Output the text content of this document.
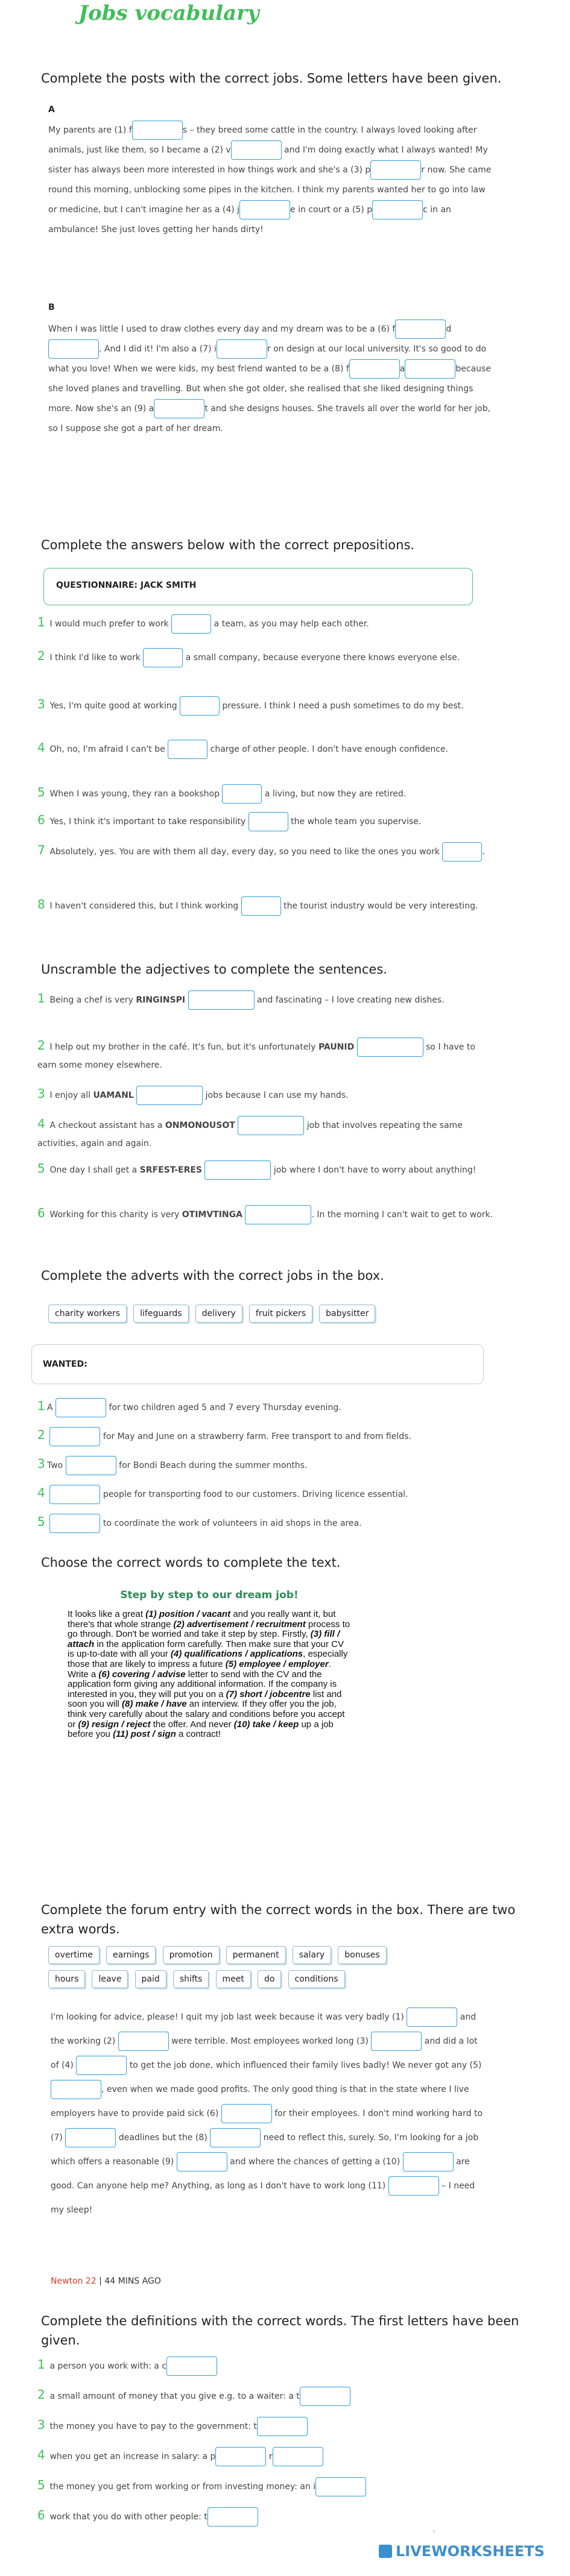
Jobs vocabulary
Complete the posts with the correct jobs. Some letters have been given.
A
My parents are (1) f	s – they breed some cattle in the country. I always loved looking after animals, just like them, so I became a (2) v	and I'm doing exactly what I always wanted! My sister has always been more interested in how things work and she's a (3) p	r now. She came round this morning, unblocking some pipes in the kitchen. I think my parents wanted her to go into law or medicine, but I can't imagine her as a (4) j	e in court or a (5) p	c in an ambulance! She just loves getting her hands dirty!
B
When I was little I used to draw clothes every day and my dream was to be a (6) f	d. And I did it! I'm also a (7) i	r on design at our local university. It's so good to do what you love! When we were kids, my best friend wanted to be a (8) f	a	because she loved planes and travelling. But when she got older, she realised that she liked designing things more. Now she's an (9) a	t and she designs houses. She travels all over the world for her job, so I suppose she got a part of her dream.
Complete the answers below with the correct prepositions.
QUESTIONNAIRE: JACK SMITH
1 I would much prefer to work	a team, as you may help each other.
2 I think I'd like to work	a small company, because everyone there knows everyone else.
3 Yes, I'm quite good at working	pressure. I think I need a push sometimes to do my best.
4 Oh, no, I'm afraid I can't be	charge of other people. I don't have enough confidence.
5 When I was young, they ran a bookshop	a living, but now they are retired.
6 Yes, I think it's important to take responsibility	the whole team you supervise.
7 Absolutely, yes. You are with them all day, every day, so you need to like the ones you work	.
8 I haven't considered this, but I think working	the tourist industry would be very interesting.
Unscramble the adjectives to complete the sentences.
1 Being a chef is very RINGINSPI	and fascinating – I love creating new dishes.
2 I help out my brother in the café. It's fun, but it's unfortunately PAUNID	so I have to earn some money elsewhere.
3 I enjoy all UAMANL	jobs because I can use my hands.
4 A checkout assistant has a ONMONOUSOT	job that involves repeating the same activities, again and again.
5 One day I shall get a SRFEST-ERES	job where I don't have to worry about anything!
6 Working for this charity is very OTIMVTINGA	. In the morning I can't wait to get to work.
Complete the adverts with the correct jobs in the box.
charity workers lifeguards delivery fruit pickers babysitter
WANTED:
1 A	for two children aged 5 and 7 every Thursday evening.
2	for May and June on a strawberry farm. Free transport to and from fields.
3 Two	for Bondi Beach during the summer months.
4	people for transporting food to our customers. Driving licence essential.
5	to coordinate the work of volunteers in aid shops in the area.
Choose the correct words to complete the text.
Step by step to our dream job!
It looks like a great (1) position / vacant and you really want it, but there's that whole strange (2) advertisement / recruitment process to go through. Don't be worried and take it step by step. Firstly, (3) fill / attach in the application form carefully. Then make sure that your CV is up-to-date with all your (4) qualifications / applications, especially those that are likely to impress a future (5) employee / employer. Write a (6) covering / advise letter to send with the CV and the application form giving any additional information. If the company is interested in you, they will put you on a (7) short / jobcentre list and soon you will (8) make / have an interview. If they offer you the job, think very carefully about the salary and conditions before you accept or (9) resign / reject the offer. And never (10) take / keep up a job before you (11) post / sign a contract!
Complete the forum entry with the correct words in the box. There are two extra words.
overtime earnings promotion permanent salary bonuses
hours leave paid shifts meet do conditions
I'm looking for advice, please! I quit my job last week because it was very badly (1)	and the working (2)	were terrible. Most employees worked long (3)	and did a lot of (4)	to get the job done, which influenced their family lives badly! We never got any (5) , even when we made good profits. The only good thing is that in the state where I live employers have to provide paid sick (6)	for their employees. I don't mind working hard to (7)	deadlines but the (8)	need to reflect this, surely. So, I'm looking for a job which offers a reasonable (9)	and where the chances of getting a (10)	are good. Can anyone help me? Anything, as long as I don't have to work long (11)	– I need my sleep!
Newton 22 | 44 MINS AGO
Complete the definitions with the correct words. The first letters have been given.
1 a person you work with: a c
2 a small amount of money that you give e.g. to a waiter: a t
3 the money you have to pay to the government: t
4 when you get an increase in salary: a p	r
5 the money you get from working or from investing money: an i
6 work that you do with other people: t
LIVEWORKSHEETS
